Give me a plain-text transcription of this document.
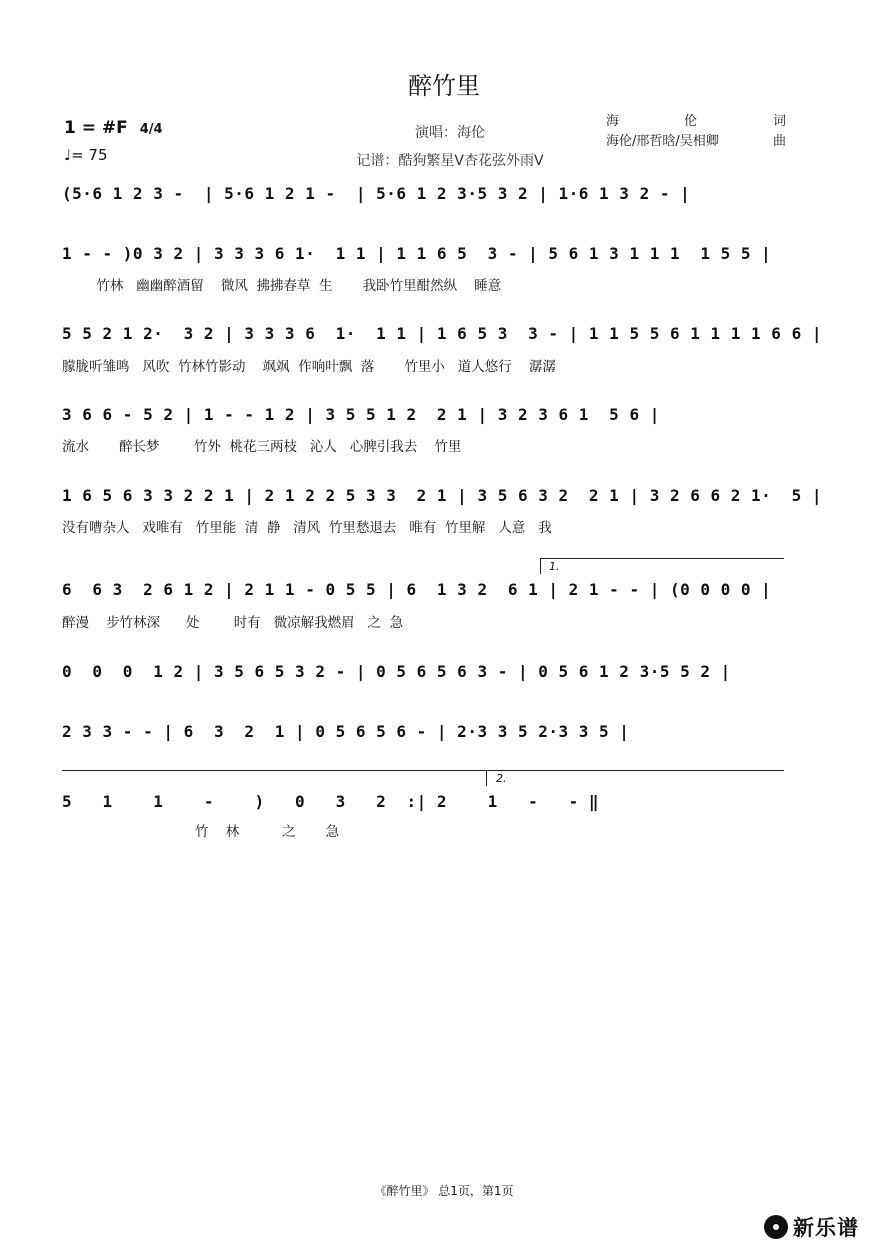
醉竹里
1 = #F 4/4
♩= 75
演唱：海伦
记谱：酷狗繁星V杏花弦外雨V
海　　　　　伦	词
海伦/邢哲晗/吴相卿	曲
(5·6 1 2 3 -  | 5·6 1 2 1 -  | 5·6 1 2 3·5 3 2 | 1·6 1 3 2 - |
1 - - )0 3 2 | 3 3 3 6 1·  1 1 | 1 1 6 5  3 - | 5 6 1 3 1 1 1  1 5 5 |
竹林   幽幽醉酒留    微风  拂拂春草  生       我卧竹里酣然纵    睡意
5 5 2 1 2·  3 2 | 3 3 3 6  1·  1 1 | 1 6 5 3  3 - | 1 1 5 5 6 1 1 1 1 6 6 |
朦胧听雏鸣   风吹  竹林竹影动    飒飒  作响叶飘  落       竹里小   道人悠行    潺潺
3 6 6 - 5 2 | 1 - - 1 2 | 3 5 5 1 2  2 1 | 3 2 3 6 1  5 6 |
流水       醉长梦        竹外  桃花三两枝   沁人   心脾引我去    竹里
1 6 5 6 3 3 2 2 1 | 2 1 2 2 5 3 3  2 1 | 3 5 6 3 2  2 1 | 3 2 6 6 2 1·  5 |
没有嘈杂人   戏唯有   竹里能  清  静   清风  竹里愁退去   唯有  竹里解   人意   我
1.
6  6 3  2 6 1 2 | 2 1 1 - 0 5 5 | 6  1 3 2  6 1 | 2 1 - - | (0 0 0 0 |
醉漫    步竹林深      处        时有   微凉解我燃眉   之  急
0  0  0  1 2 | 3 5 6 5 3 2 - | 0 5 6 5 6 3 - | 0 5 6 1 2 3·5 5 2 |
2 3 3 - - | 6  3  2  1 | 0 5 6 5 6 - | 2·3 3 5 2·3 3 5 |
2.
5   1    1    -    )   0   3   2  :| 2    1   -   - ‖
竹    林          之       急
《醉竹里》 总1页，第1页
新乐谱
